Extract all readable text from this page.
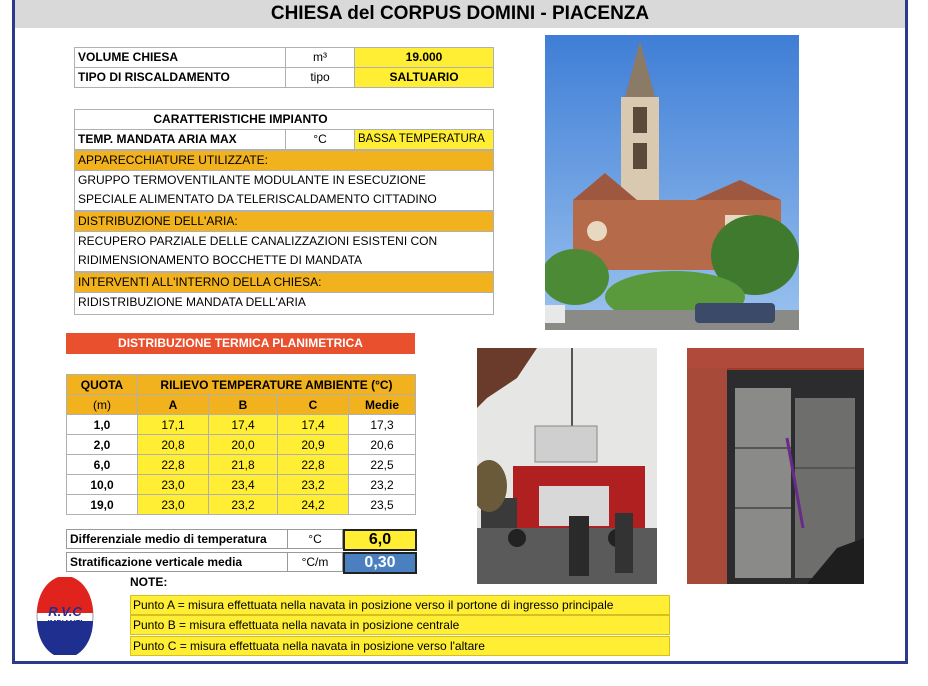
CHIESA del CORPUS DOMINI - PIACENZA
VOLUME CHIESA	m³	19.000
TIPO DI RISCALDAMENTO	tipo	SALTUARIO
CARATTERISTICHE IMPIANTO
TEMP. MANDATA ARIA MAX	°C	BASSA TEMPERATURA
APPARECCHIATURE UTILIZZATE:
GRUPPO TERMOVENTILANTE MODULANTE IN ESECUZIONE
SPECIALE ALIMENTATO DA TELERISCALDAMENTO CITTADINO
DISTRIBUZIONE DELL'ARIA:
RECUPERO PARZIALE DELLE CANALIZZAZIONI ESISTENI CON
RIDIMENSIONAMENTO BOCCHETTE DI MANDATA
INTERVENTI ALL'INTERNO DELLA CHIESA:
RIDISTRIBUZIONE MANDATA DELL'ARIA
DISTRIBUZIONE TERMICA PLANIMETRICA
QUOTA	RILIEVO TEMPERATURE AMBIENTE (°C)			
(m)	A	B	C	Medie
1,0	17,1	17,4	17,4	17,3
2,0	20,8	20,0	20,9	20,6
6,0	22,8	21,8	22,8	22,5
10,0	23,0	23,4	23,2	23,2
19,0	23,0	23,2	24,2	23,5
Differenziale medio di temperatura	°C	6,0
Stratificazione verticale media	°C/m	0,30
NOTE:
Punto A = misura effettuata nella navata in posizione verso il portone di ingresso principale
Punto B = misura effettuata nella navata in posizione centrale
Punto C = misura effettuata nella navata in posizione verso l'altare
R.V.C
IMPIANTI
